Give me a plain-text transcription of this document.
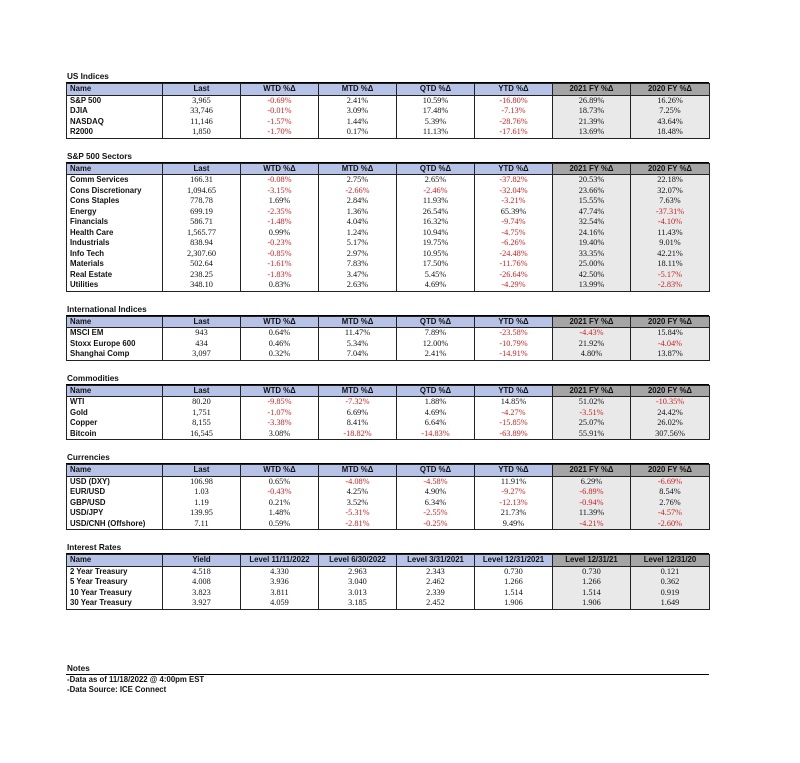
US Indices
Name	Last	WTD %Δ	MTD %Δ	QTD %Δ	YTD %Δ	2021 FY %Δ	2020 FY %Δ
S&P 500	3,965	-0.69%	2.41%	10.59%	-16.80%	26.89%	16.26%
DJIA	33,746	-0.01%	3.09%	17.48%	-7.13%	18.73%	7.25%
NASDAQ	11,146	-1.57%	1.44%	5.39%	-28.76%	21.39%	43.64%
R2000	1,850	-1.70%	0.17%	11.13%	-17.61%	13.69%	18.48%
S&P 500 Sectors
Name	Last	WTD %Δ	MTD %Δ	QTD %Δ	YTD %Δ	2021 FY %Δ	2020 FY %Δ
Comm Services	166.31	-0.08%	2.75%	2.65%	-37.82%	20.53%	22.18%
Cons Discretionary	1,094.65	-3.15%	-2.66%	-2.46%	-32.04%	23.66%	32.07%
Cons Staples	778.78	1.69%	2.84%	11.93%	-3.21%	15.55%	7.63%
Energy	699.19	-2.35%	1.36%	26.54%	65.39%	47.74%	-37.31%
Financials	586.71	-1.48%	4.04%	16.32%	-9.74%	32.54%	-4.10%
Health Care	1,565.77	0.99%	1.24%	10.94%	-4.75%	24.16%	11.43%
Industrials	838.94	-0.23%	5.17%	19.75%	-6.26%	19.40%	9.01%
Info Tech	2,307.60	-0.85%	2.97%	10.95%	-24.48%	33.35%	42.21%
Materials	502.64	-1.61%	7.83%	17.50%	-11.76%	25.00%	18.11%
Real Estate	238.25	-1.83%	3.47%	5.45%	-26.64%	42.50%	-5.17%
Utilities	348.10	0.83%	2.63%	4.69%	-4.29%	13.99%	-2.83%
International Indices
Name	Last	WTD %Δ	MTD %Δ	QTD %Δ	YTD %Δ	2021 FY %Δ	2020 FY %Δ
MSCI EM	943	0.64%	11.47%	7.89%	-23.58%	-4.43%	15.84%
Stoxx Europe 600	434	0.46%	5.34%	12.00%	-10.79%	21.92%	-4.04%
Shanghai Comp	3,097	0.32%	7.04%	2.41%	-14.91%	4.80%	13.87%
Commodities
Name	Last	WTD %Δ	MTD %Δ	QTD %Δ	YTD %Δ	2021 FY %Δ	2020 FY %Δ
WTI	80.20	-9.85%	-7.32%	1.88%	14.85%	51.02%	-10.35%
Gold	1,751	-1.07%	6.69%	4.69%	-4.27%	-3.51%	24.42%
Copper	8,155	-3.38%	8.41%	6.64%	-15.85%	25.07%	26.02%
Bitcoin	16,545	3.08%	-18.82%	-14.83%	-63.89%	55.91%	307.56%
Currencies
Name	Last	WTD %Δ	MTD %Δ	QTD %Δ	YTD %Δ	2021 FY %Δ	2020 FY %Δ
USD (DXY)	106.98	0.65%	-4.08%	-4.58%	11.91%	6.29%	-6.69%
EUR/USD	1.03	-0.43%	4.25%	4.90%	-9.27%	-6.89%	8.54%
GBP/USD	1.19	0.21%	3.52%	6.34%	-12.13%	-0.94%	2.76%
USD/JPY	139.95	1.48%	-5.31%	-2.55%	21.73%	11.39%	-4.57%
USD/CNH (Offshore)	7.11	0.59%	-2.81%	-0.25%	9.49%	-4.21%	-2.60%
Interest Rates
Name	Yield	Level 11/11/2022	Level 6/30/2022	Level 3/31/2021	Level 12/31/2021	Level 12/31/21	Level 12/31/20
2 Year Treasury	4.518	4.330	2.963	2.343	0.730	0.730	0.121
5 Year Treasury	4.008	3.936	3.040	2.462	1.266	1.266	0.362
10 Year Treasury	3.823	3.811	3.013	2.339	1.514	1.514	0.919
30 Year Treasury	3.927	4.059	3.185	2.452	1.906	1.906	1.649
Notes
-Data as of 11/18/2022 @ 4:00pm EST
-Data Source: ICE Connect
